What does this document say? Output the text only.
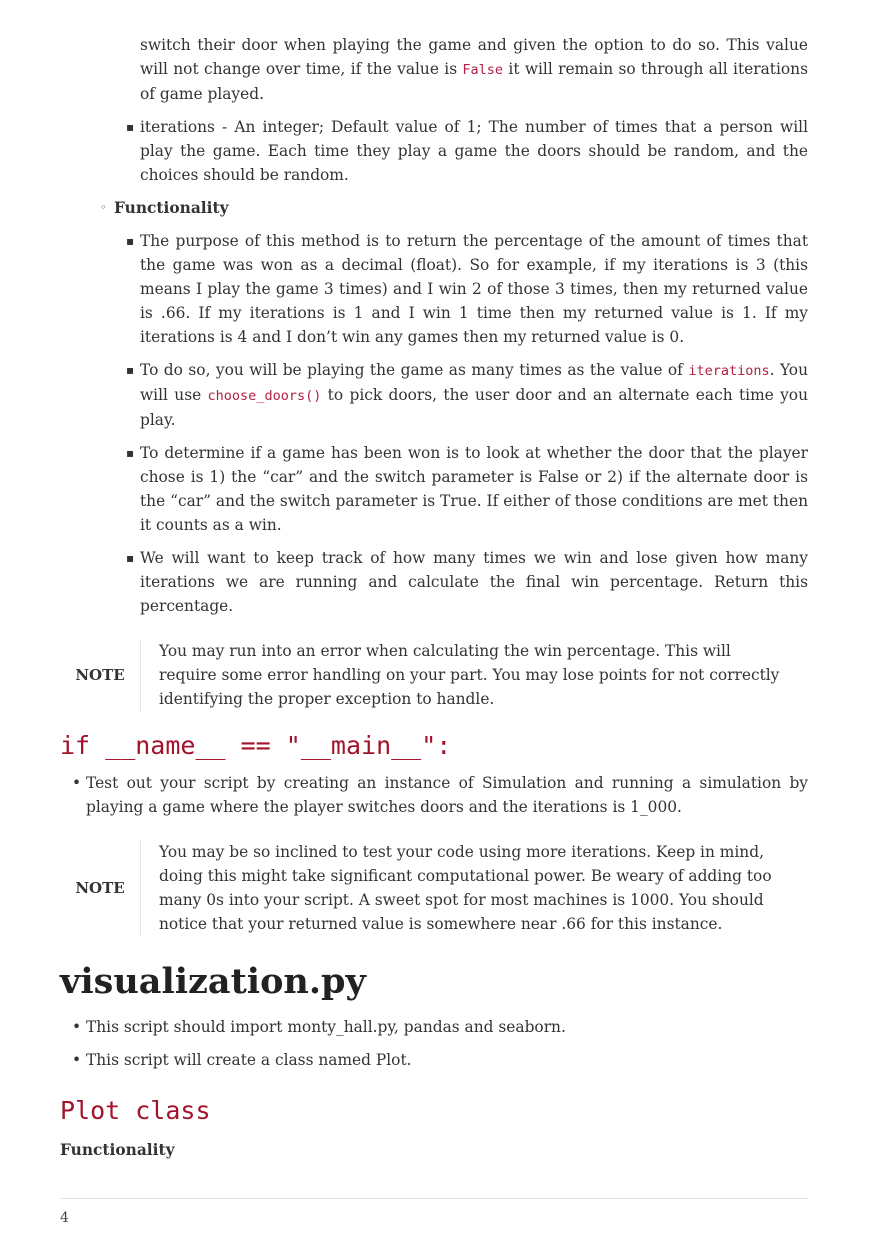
switch their door when playing the game and given the option to do so. This value will not change over time, if the value is False it will remain so through all iterations of game played.
▪ iterations - An integer; Default value of 1; The number of times that a person will play the game. Each time they play a game the doors should be random, and the choices should be random.
◦ Functionality
▪ The purpose of this method is to return the percentage of the amount of times that the game was won as a decimal (float). So for example, if my iterations is 3 (this means I play the game 3 times) and I win 2 of those 3 times, then my returned value is .66. If my iterations is 1 and I win 1 time then my returned value is 1. If my iterations is 4 and I don’t win any games then my returned value is 0.
▪ To do so, you will be playing the game as many times as the value of iterations. You will use choose_doors() to pick doors, the user door and an alternate each time you play.
▪ To determine if a game has been won is to look at whether the door that the player chose is 1) the “car” and the switch parameter is False or 2) if the alternate door is the “car” and the switch parameter is True. If either of those conditions are met then it counts as a win.
▪ We will want to keep track of how many times we win and lose given how many iterations we are running and calculate the final win percentage. Return this percentage.
NOTE
You may run into an error when calculating the win percentage. This will require some error handling on your part. You may lose points for not correctly identifying the proper exception to handle.
if __name__ == "__main__":
• Test out your script by creating an instance of Simulation and running a simulation by playing a game where the player switches doors and the iterations is 1_000.
NOTE
You may be so inclined to test your code using more iterations. Keep in mind, doing this might take significant computational power. Be weary of adding too many 0s into your script. A sweet spot for most machines is 1000. You should notice that your returned value is somewhere near .66 for this instance.
visualization.py
• This script should import monty_hall.py, pandas and seaborn.
• This script will create a class named Plot.
Plot class

Functionality

4
